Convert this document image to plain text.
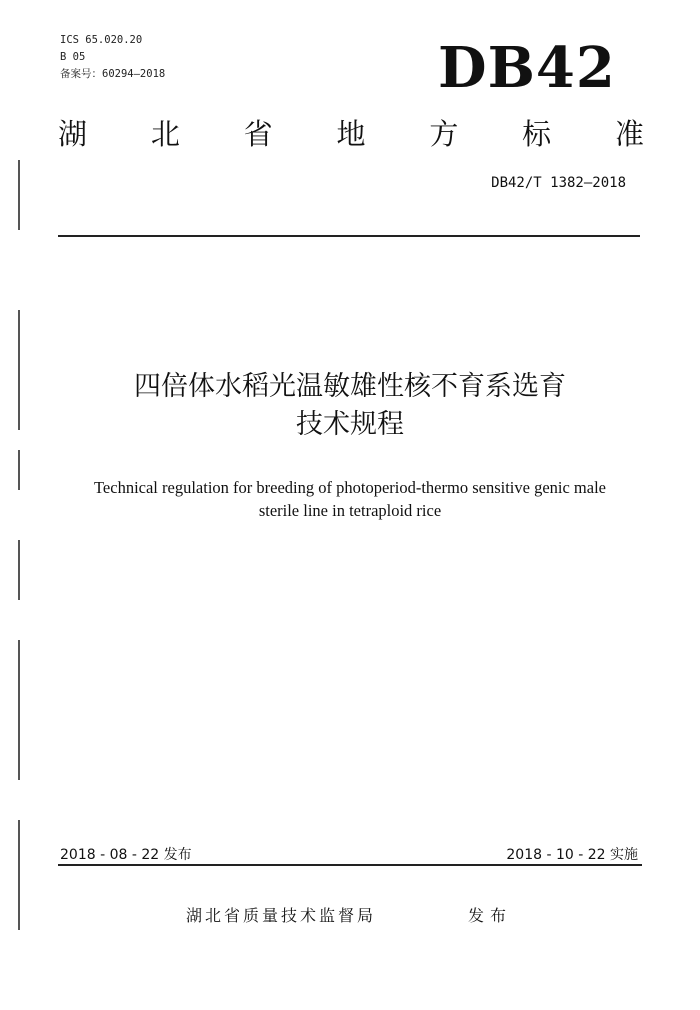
ICS 65.020.20
B 05
备案号：60294—2018	DB42
湖 北 省 地 方 标 准
DB42/T 1382—2018
四倍体水稻光温敏雄性核不育系选育
技术规程
Technical regulation for breeding of photoperiod-thermo sensitive genic male
sterile line in tetraploid rice
2018 - 08 - 22 发布	2018 - 10 - 22 实施
湖北省质量技术监督局	发布
